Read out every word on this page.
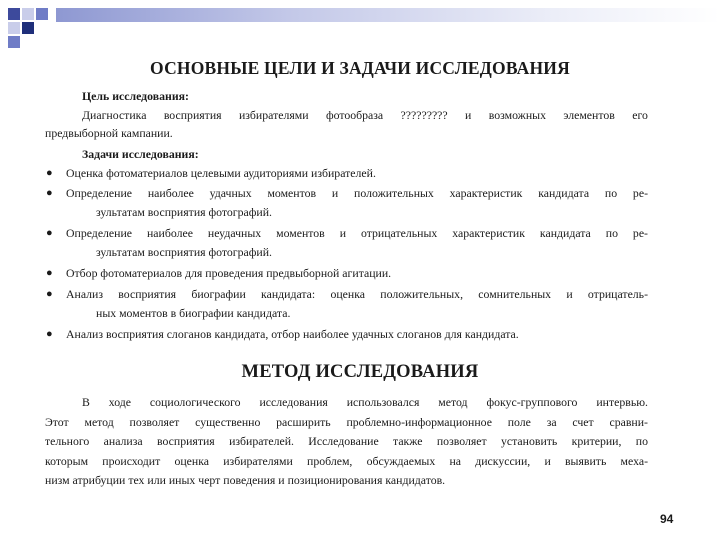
ОСНОВНЫЕ ЦЕЛИ И ЗАДАЧИ ИССЛЕДОВАНИЯ
Цель исследования:
Диагностика восприятия избирателями фотообраза ????????? и возможных элементов его
предвыборной кампании.
Задачи исследования:
● Оценка фотоматериалов целевыми аудиториями избирателей.
● Определение наиболее удачных моментов и положительных характеристик кандидата по ре-
зультатам восприятия фотографий.
● Определение наиболее неудачных моментов и отрицательных характеристик кандидата по ре-
зультатам восприятия фотографий.
● Отбор фотоматериалов для проведения предвыборной агитации.
● Анализ восприятия биографии кандидата: оценка положительных, сомнительных и отрицатель-
ных моментов в биографии кандидата.
● Анализ восприятия слоганов кандидата, отбор наиболее удачных слоганов для кандидата.
МЕТОД ИССЛЕДОВАНИЯ
В ходе социологического исследования использовался метод фокус-группового интервью.
Этот метод позволяет существенно расширить проблемно-информационное поле за счет сравни-
тельного анализа восприятия избирателей. Исследование также позволяет установить критерии, по
которым происходит оценка избирателями проблем, обсуждаемых на дискуссии, и выявить меха-
низм атрибуции тех или иных черт поведения и позиционирования кандидатов.
94
